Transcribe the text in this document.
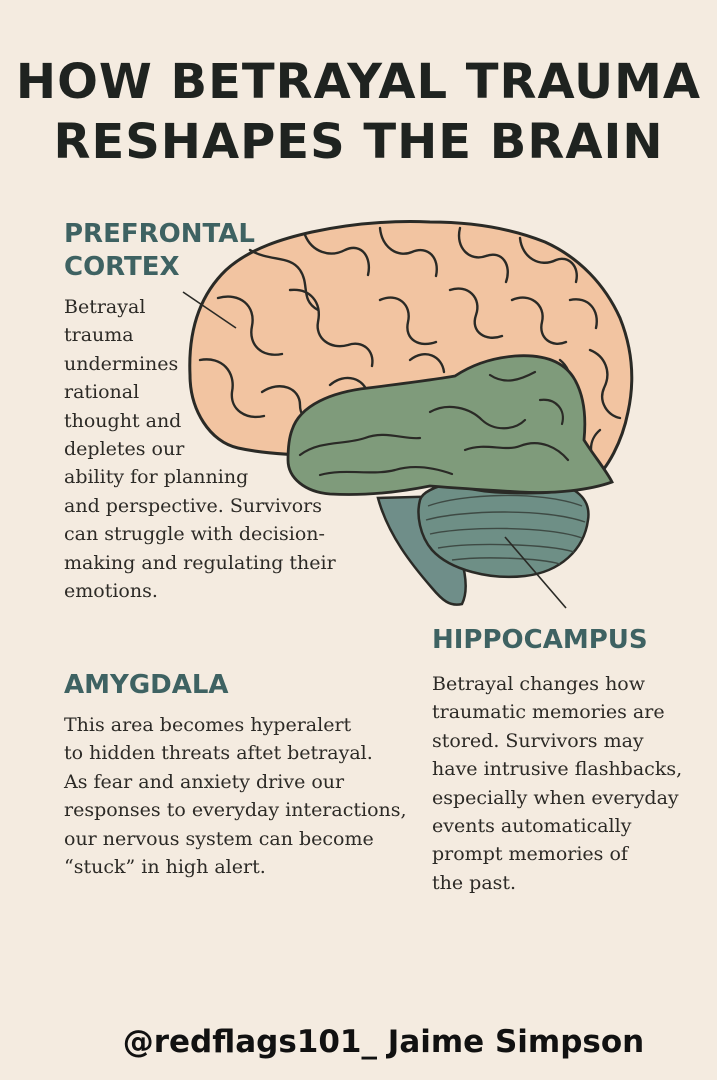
HOW BETRAYAL TRAUMA
RESHAPES THE BRAIN
PREFRONTAL
CORTEX
Betrayal
trauma
undermines
rational
thought and
depletes our
ability for planning
and perspective. Survivors
can struggle with decision-
making and regulating their
emotions.
HIPPOCAMPUS
Betrayal changes how
traumatic memories are
stored. Survivors may
have intrusive flashbacks,
especially when everyday
events automatically
prompt memories of
the past.
AMYGDALA
This area becomes hyperalert
to hidden threats aftet betrayal.
As fear and anxiety drive our
responses to everyday interactions,
our nervous system can become
“stuck” in high alert.
@redflags101_ Jaime Simpson
